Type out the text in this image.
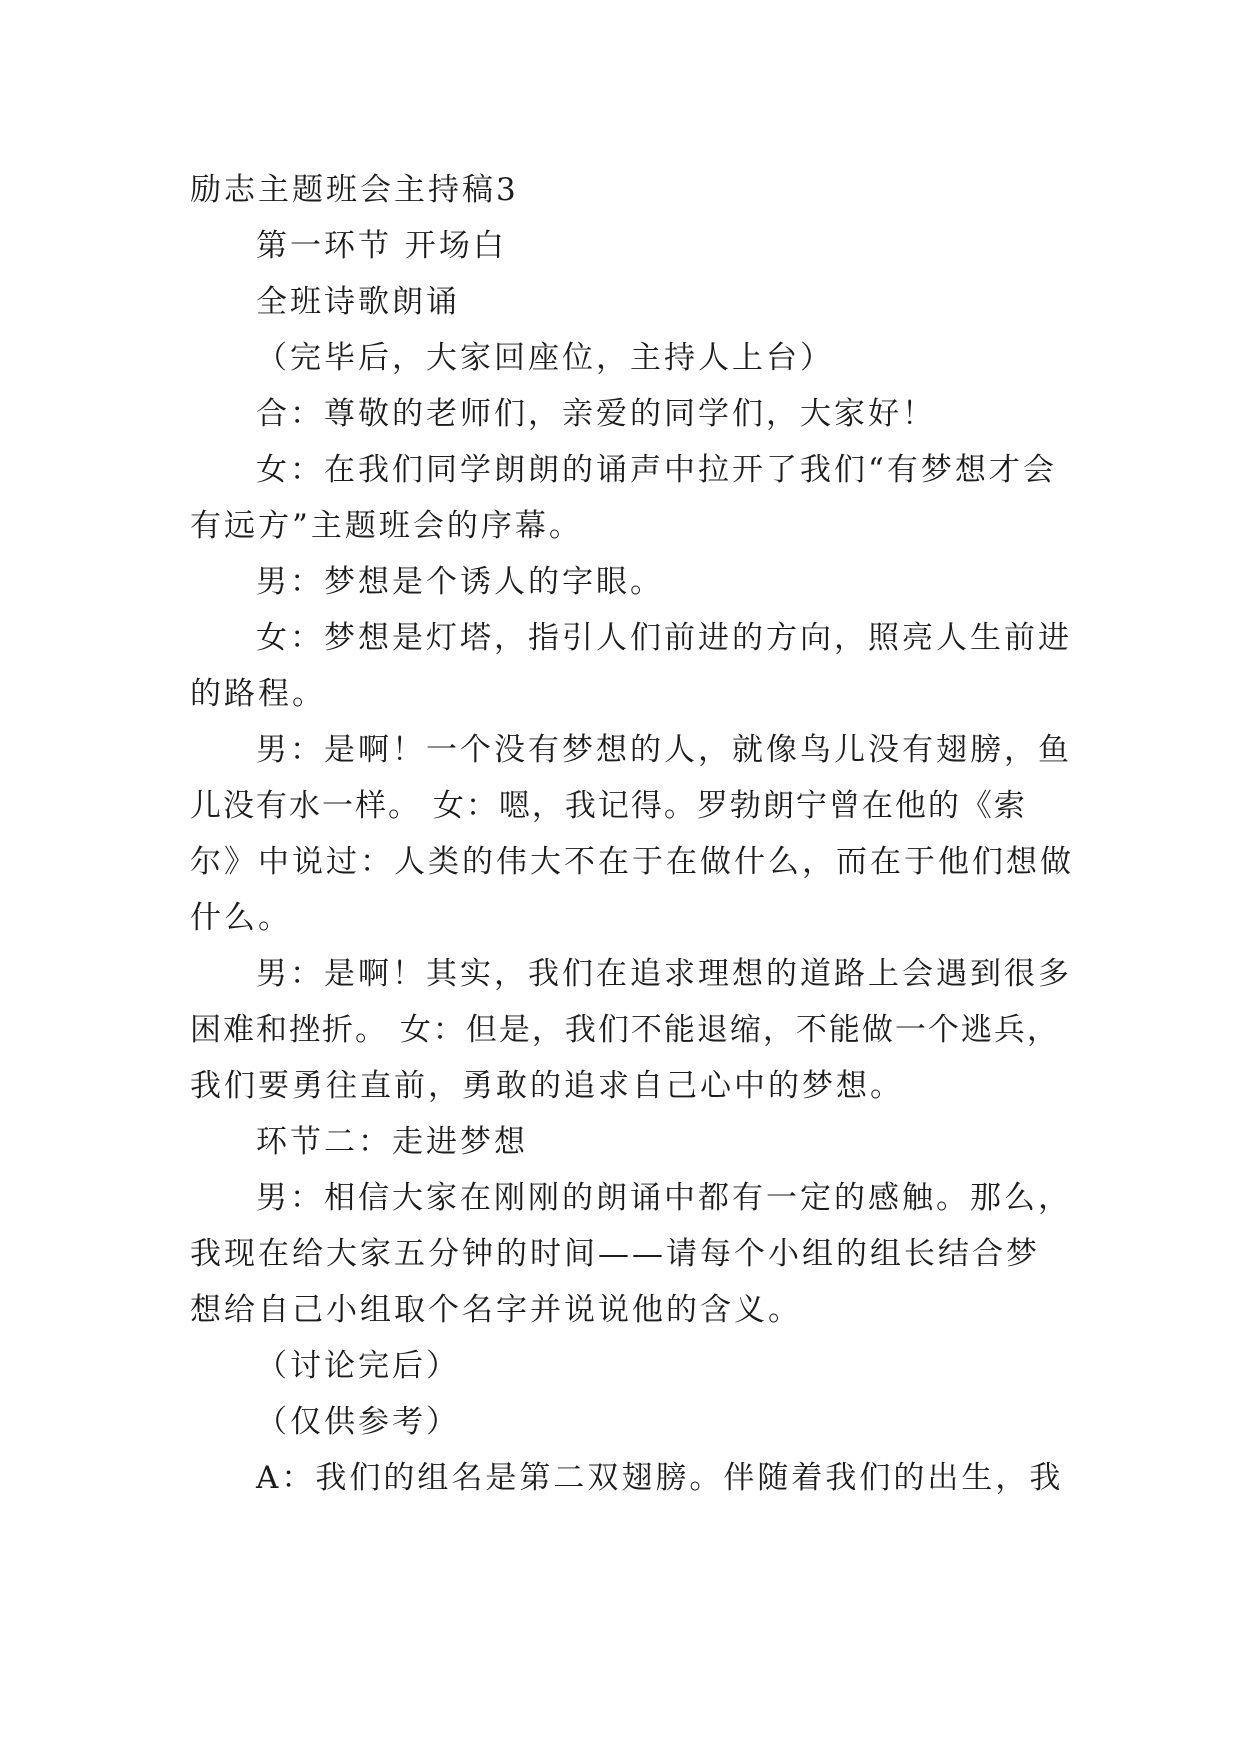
励志主题班会主持稿3

第一环节 开场白

全班诗歌朗诵

（完毕后，大家回座位，主持人上台）

合：尊敬的老师们，亲爱的同学们，大家好！

女：在我们同学朗朗的诵声中拉开了我们“有梦想才会

有远方”主题班会的序幕。

男：梦想是个诱人的字眼。

女：梦想是灯塔，指引人们前进的方向，照亮人生前进

的路程。

男：是啊！一个没有梦想的人，就像鸟儿没有翅膀，鱼

儿没有水一样。 女：嗯，我记得。罗勃朗宁曾在他的《索

尔》中说过：人类的伟大不在于在做什么，而在于他们想做

什么。

男：是啊！其实，我们在追求理想的道路上会遇到很多

困难和挫折。 女：但是，我们不能退缩，不能做一个逃兵，

我们要勇往直前，勇敢的追求自己心中的梦想。

环节二：走进梦想

男：相信大家在刚刚的朗诵中都有一定的感触。那么，

我现在给大家五分钟的时间——请每个小组的组长结合梦

想给自己小组取个名字并说说他的含义。

（讨论完后）

（仅供参考）

A：我们的组名是第二双翅膀。伴随着我们的出生，我
